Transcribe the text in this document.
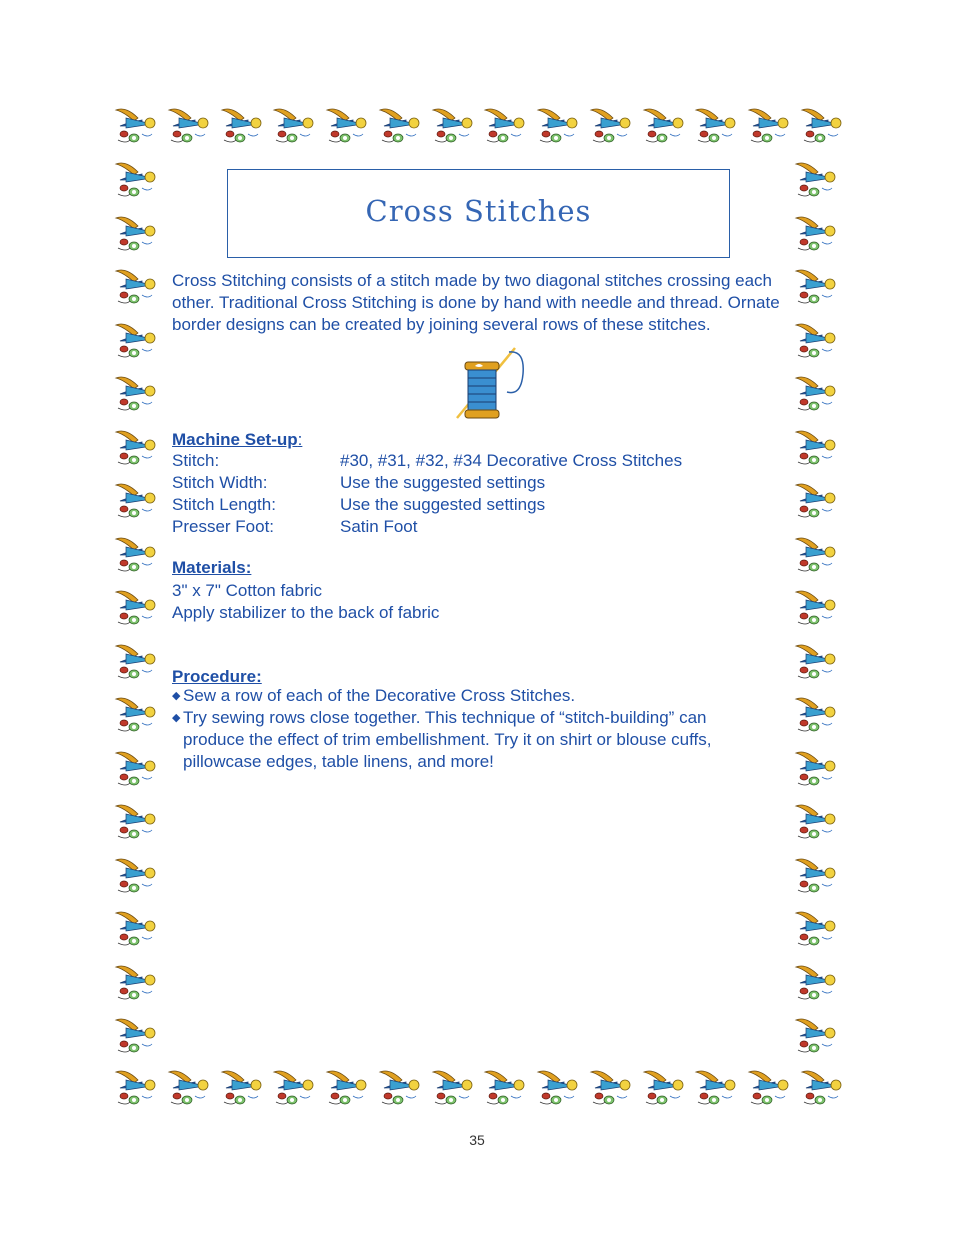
Cross Stitches
Cross Stitching consists of a stitch made by two diagonal stitches crossing each other. Traditional Cross Stitching is done by hand with needle and thread. Ornate border designs can be created by joining several rows of these stitches.
Machine Set-up:
Stitch:	#30, #31, #32, #34 Decorative Cross Stitches
Stitch Width:	Use the suggested settings
Stitch Length:	Use the suggested settings
Presser Foot:	Satin Foot
Materials:
3" x 7" Cotton fabric
Apply stabilizer to the back of fabric
Procedure:
◆ Sew a row of each of the Decorative Cross Stitches.
◆ Try sewing rows close together. This technique of “stitch-building” can produce the effect of trim embellishment. Try it on shirt or blouse cuffs, pillowcase edges, table linens, and more!
35
